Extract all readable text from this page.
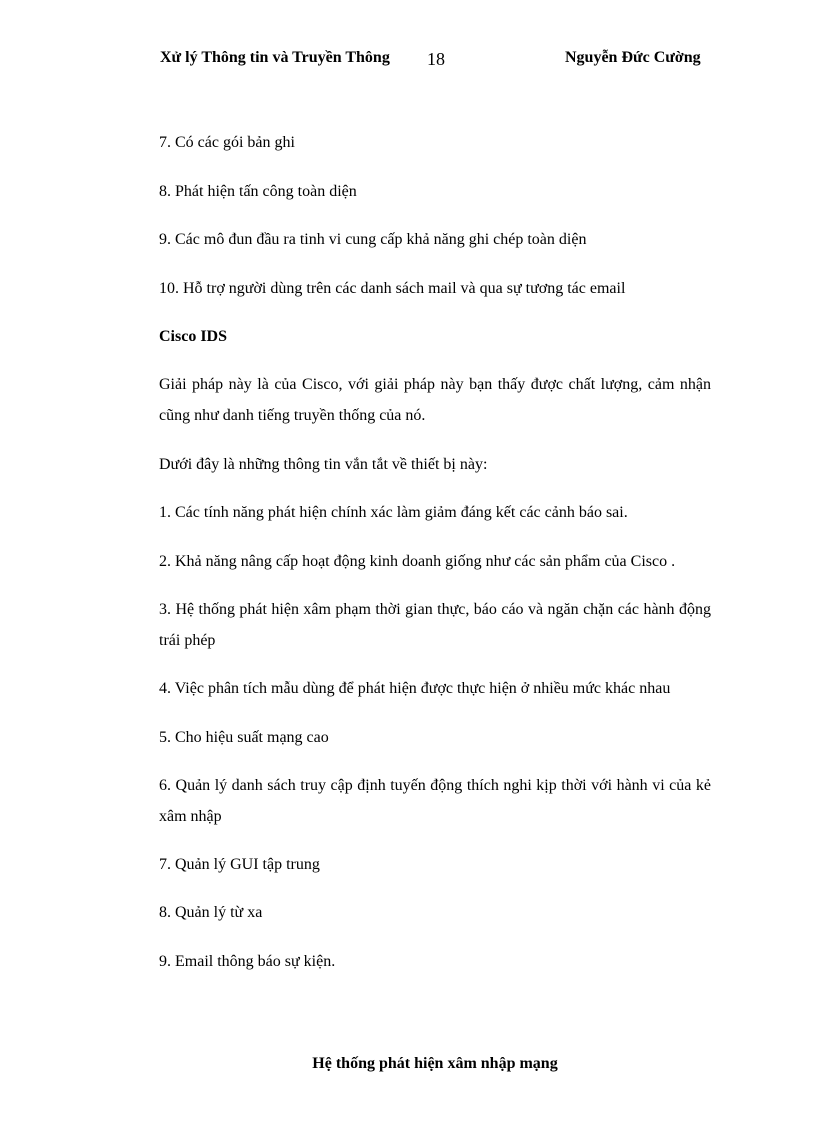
Xử lý Thông tin và Truyền Thông 18	Nguyễn Đức Cường
7. Có các gói bản ghi
8. Phát hiện tấn công toàn diện
9. Các mô đun đầu ra tinh vi cung cấp khả năng ghi chép toàn diện
10. Hỗ trợ người dùng trên các danh sách mail và qua sự tương tác email
Cisco IDS
Giải pháp này là của Cisco, với giải pháp này bạn thấy được chất lượng, cảm nhận cũng như danh tiếng truyền thống của nó.
Dưới đây là những thông tin vắn tắt về thiết bị này:
1. Các tính năng phát hiện chính xác làm giảm đáng kết các cảnh báo sai.
2. Khả năng nâng cấp hoạt động kinh doanh giống như các sản phẩm của Cisco .
3. Hệ thống phát hiện xâm phạm thời gian thực, báo cáo và ngăn chặn các hành động trái phép
4. Việc phân tích mẫu dùng để phát hiện được thực hiện ở nhiều mức khác nhau
5. Cho hiệu suất mạng cao
6. Quản lý danh sách truy cập định tuyến động thích nghi kịp thời với hành vi của kẻ xâm nhập
7. Quản lý GUI tập trung
8. Quản lý từ xa
9. Email thông báo sự kiện.
Hệ thống phát hiện xâm nhập mạng
